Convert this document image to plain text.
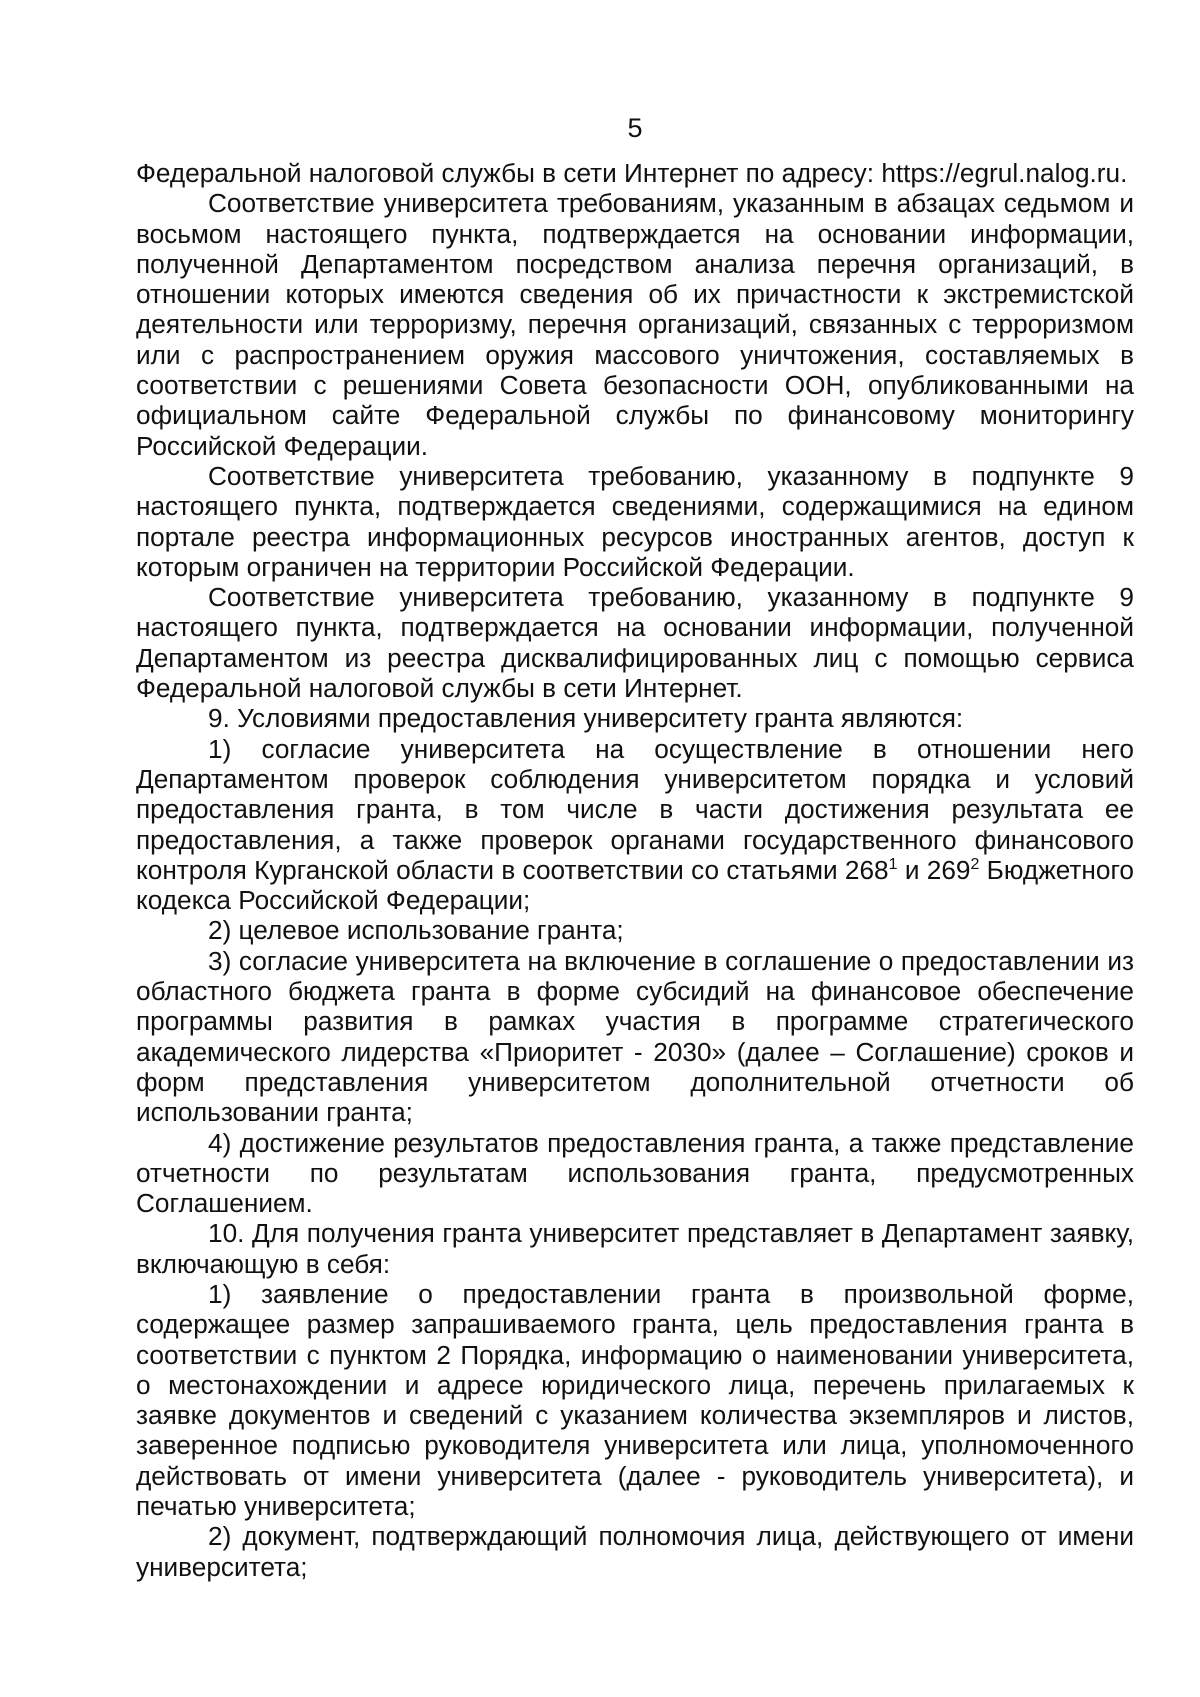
5

Федеральной налоговой службы в сети Интернет по адресу: https://egrul.nalog.ru.

Соответствие университета требованиям, указанным в абзацах седьмом и восьмом настоящего пункта, подтверждается на основании информации, полученной Департаментом посредством анализа перечня организаций, в отношении которых имеются сведения об их причастности к экстремистской деятельности или терроризму, перечня организаций, связанных с терроризмом или с распространением оружия массового уничтожения, составляемых в соответствии с решениями Совета безопасности ООН, опубликованными на официальном сайте Федеральной службы по финансовому мониторингу Российской Федерации.

Соответствие университета требованию, указанному в подпункте 9 настоящего пункта, подтверждается сведениями, содержащимися на едином портале реестра информационных ресурсов иностранных агентов, доступ к которым ограничен на территории Российской Федерации.

Соответствие университета требованию, указанному в подпункте 9 настоящего пункта, подтверждается на основании информации, полученной Департаментом из реестра дисквалифицированных лиц с помощью сервиса Федеральной налоговой службы в сети Интернет.

9. Условиями предоставления университету гранта являются:

1) согласие университета на осуществление в отношении него Департаментом проверок соблюдения университетом порядка и условий предоставления гранта, в том числе в части достижения результата ее предоставления, а также проверок органами государственного финансового контроля Курганской области в соответствии со статьями $268^1$ и $269^2$ Бюджетного кодекса Российской Федерации;

2) целевое использование гранта;

3) согласие университета на включение в соглашение о предоставлении из областного бюджета гранта в форме субсидий на финансовое обеспечение программы развития в рамках участия в программе стратегического академического лидерства «Приоритет - 2030» (далее – Соглашение) сроков и форм представления университетом дополнительной отчетности об использовании гранта;

4) достижение результатов предоставления гранта, а также представление отчетности по результатам использования гранта, предусмотренных Соглашением.

10. Для получения гранта университет представляет в Департамент заявку, включающую в себя:

1) заявление о предоставлении гранта в произвольной форме, содержащее размер запрашиваемого гранта, цель предоставления гранта в соответствии с пунктом 2 Порядка, информацию о наименовании университета, о местонахождении и адресе юридического лица, перечень прилагаемых к заявке документов и сведений с указанием количества экземпляров и листов, заверенное подписью руководителя университета или лица, уполномоченного действовать от имени университета (далее - руководитель университета), и печатью университета;

2) документ, подтверждающий полномочия лица, действующего от имени университета;
